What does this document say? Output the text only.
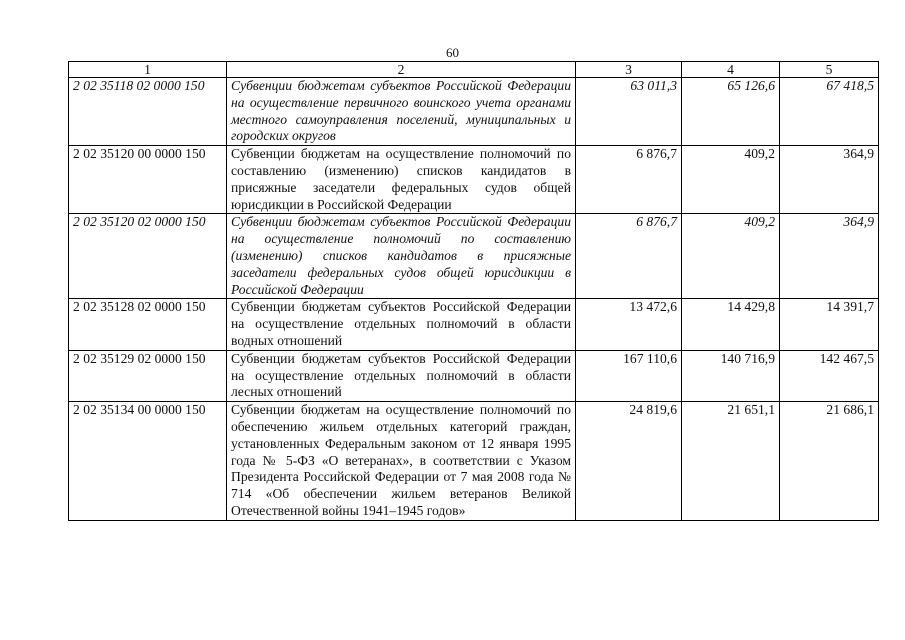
60
1	2	3	4	5
2 02 35118 02 0000 150	Субвенции бюджетам субъектов Российской Федерации на осуществление первичного воинского учета органами местного самоуправления поселений, муниципальных и городских округов	63 011,3	65 126,6	67 418,5
2 02 35120 00 0000 150	Субвенции бюджетам на осуществление полномочий по составлению (изменению) списков кандидатов в присяжные заседатели федеральных судов общей юрисдикции в Российской Федерации	6 876,7	409,2	364,9
2 02 35120 02 0000 150	Субвенции бюджетам субъектов Российской Федерации на осуществление полномочий по составлению (изменению) списков кандидатов в присяжные заседатели федеральных судов общей юрисдикции в Российской Федерации	6 876,7	409,2	364,9
2 02 35128 02 0000 150	Субвенции бюджетам субъектов Российской Федерации на осуществление отдельных полномочий в области водных отношений	13 472,6	14 429,8	14 391,7
2 02 35129 02 0000 150	Субвенции бюджетам субъектов Российской Федерации на осуществление отдельных полномочий в области лесных отношений	167 110,6	140 716,9	142 467,5
2 02 35134 00 0000 150	Субвенции бюджетам на осуществление полномочий по обеспечению жильем отдельных категорий граждан, установленных Федеральным законом от 12 января 1995 года № 5-ФЗ «О ветеранах», в соответствии с Указом Президента Российской Федерации от 7 мая 2008 года № 714 «Об обеспечении жильем ветеранов Великой Отечественной войны 1941–1945 годов»	24 819,6	21 651,1	21 686,1
